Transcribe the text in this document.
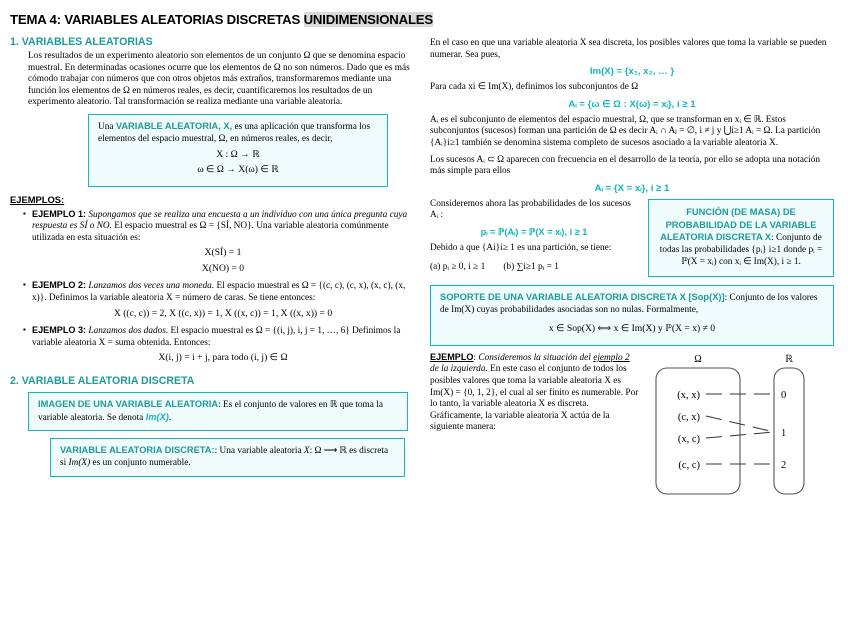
TEMA 4: VARIABLES ALEATORIAS DISCRETAS UNIDIMENSIONALES
1. VARIABLES ALEATORIAS

Los resultados de un experimento aleatorio son elementos de un conjunto Ω que se denomina espacio muestral. En determinadas ocasiones ocurre que los elementos de Ω no son números. Dado que es más cómodo trabajar con números que con otros objetos más extraños, transformaremos mediante una función los elementos de Ω en números reales, es decir, cuantificaremos los resultados de un experimento aleatorio. Tal transformación se realiza mediante una variable aleatoria.

Una VARIABLE ALEATORIA, X, es una aplicación que transforma los elementos del espacio muestral, Ω, en números reales, es decir,
X : Ω → ℝ
ω ∈ Ω → X(ω) ∈ ℝ
EJEMPLOS:
▪ EJEMPLO 1: Supongamos que se realiza una encuesta a un individuo con una única pregunta cuya respuesta es SÍ o NO. El espacio muestral es Ω = {SÍ, NO}. Una variable aleatoria comúnmente utilizada en esta situación es:
X(SÍ) = 1
X(NO) = 0
▪ EJEMPLO 2: Lanzamos dos veces una moneda. El espacio muestral es Ω = {(c, c), (c, x), (x, c), (x, x)}. Definimos la variable aleatoria X = número de caras. Se tiene entonces:
X ((c, c)) = 2, X ((c, x)) = 1, X ((x, c)) = 1, X ((x, x)) = 0
▪ EJEMPLO 3: Lanzamos dos dados. El espacio muestral es Ω = {(i, j), i, j = 1, …, 6} Definimos la variable aleatoria X = suma obtenida. Entonces:
X(i, j) = i + j, para todo (i, j) ∈ Ω
2. VARIABLE ALEATORIA DISCRETA
IMAGEN DE UNA VARIABLE ALEATORIA: Es el conjunto de valores en ℝ que toma la variable aleatoria. Se denota Im(X).
VARIABLE ALEATORIA DISCRETA:: Una variable aleatoria X: Ω ⟶ ℝ es discreta si Im(X) es un conjunto numerable.

En el caso en que una variable aleatoria X sea discreta, los posibles valores que toma la variable se pueden numerar. Sea pues,

Im(X) = {x₁, x₂, … }

Para cada xi ∈ Im(X), definimos los subconjuntos de Ω

Aᵢ = {ω ∈ Ω : X(ω) = xᵢ}, i ≥ 1

Aᵢ es el subconjunto de elementos del espacio muestral, Ω, que se transforman en xᵢ ∈ ℝ. Estos subconjuntos (sucesos) forman una partición de Ω es decir Aᵢ ∩ Aⱼ = ∅, i ≠ j y ⋃i≥1 Aᵢ = Ω. La partición {Aᵢ}i≥1 también se denomina sistema completo de sucesos asociado a la variable aleatoria X.

Los sucesos Aᵢ ⊂ Ω aparecen con frecuencia en el desarrollo de la teoría, por ello se adopta una notación más simple para ellos

Aᵢ = {X = xᵢ}, i ≥ 1

Consideremos ahora las probabilidades de los sucesos Aᵢ :

pᵢ = ℙ(Aᵢ) = ℙ(X = xᵢ), i ≥ 1

Debido a que {Ai}i≥ 1 es una partición, se tiene:

(a) pᵢ ≥ 0, i ≥ 1 (b) ∑i≥1 pᵢ = 1
FUNCIÓN (DE MASA) DE PROBABILIDAD DE LA VARIABLE ALEATORIA DISCRETA X: Conjunto de todas las probabilidades {pᵢ} i≥1 donde pᵢ = ℙ(X = xᵢ) con xᵢ ∈ Im(X), i ≥ 1.
SOPORTE DE UNA VARIABLE ALEATORIA DISCRETA X [Sop(X)]: Conjunto de los valores de Im(X) cuyas probabilidades asociadas son no nulas. Formalmente,
x ∈ Sop(X) ⟺ x ∈ Im(X) y ℙ(X = x) ≠ 0
EJEMPLO: Consideremos la situación del ejemplo 2 de la izquierda. En este caso el conjunto de todos los posibles valores que toma la variable aleatoria X es Im(X) = {0, 1, 2}, el cual al ser finito es numerable. Por lo tanto, la variable aleatoria X es discreta. Gráficamente, la variable aleatoria X actúa de la siguiente manera:
Ω	ℝ
(x, x)
(c, x)
(x, c)
(c, c)
0
1
2
